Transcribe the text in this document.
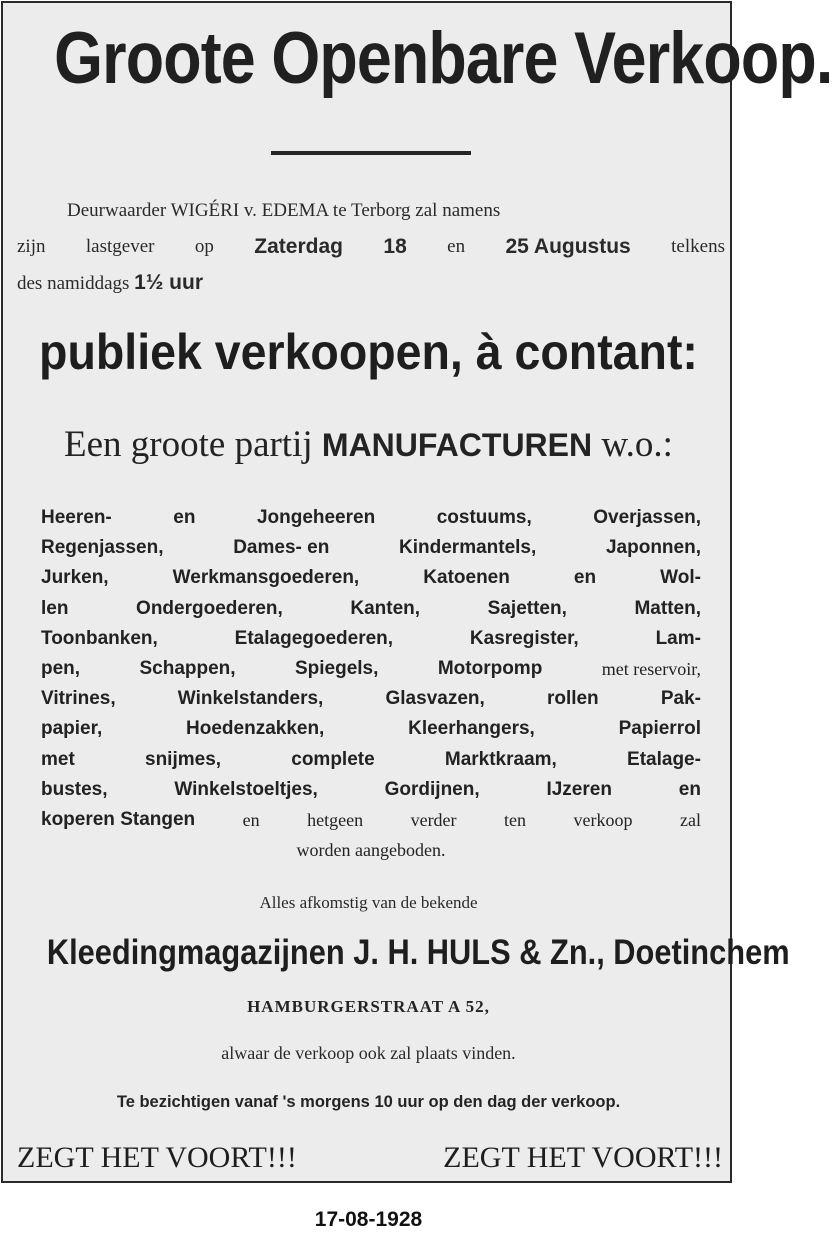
Groote Openbare Verkoop.

Deurwaarder WIGÉRI v. EDEMA te Terborg zal namens

zijn lastgever op Zaterdag 18 en 25 Augustus telkens

des namiddags 1½ uur

publiek verkoopen, à contant:
Een groote partij MANUFACTUREN w.o.:
Heeren-	en	Jongeheeren	costuums,	Overjassen,
Regenjassen,	Dames- en	Kindermantels,	Japonnen,
Jurken,	Werkmansgoederen,	Katoenen	en	Wol-
len	Ondergoederen,	Kanten,	Sajetten,	Matten,
Toonbanken,	Etalagegoederen,	Kasregister,	Lam-
pen,	Schappen,	Spiegels,	Motorpomp	met reservoir,
Vitrines,	Winkelstanders,	Glasvazen,	rollen	Pak-
papier,	Hoedenzakken,	Kleerhangers,	Papierrol
met	snijmes,	complete	Marktkraam,	Etalage-
bustes,	Winkelstoeltjes,	Gordijnen,	IJzeren	en
koperen Stangen	en	hetgeen	verder	ten	verkoop	zal
worden aangeboden.
Alles afkomstig van de bekende
Kleedingmagazijnen J. H. HULS & Zn., Doetinchem
HAMBURGERSTRAAT A 52,
alwaar de verkoop ook zal plaats vinden.
Te bezichtigen vanaf 's morgens 10 uur op den dag der verkoop.
ZEGT HET VOORT!!!	ZEGT HET VOORT!!!
17-08-1928
